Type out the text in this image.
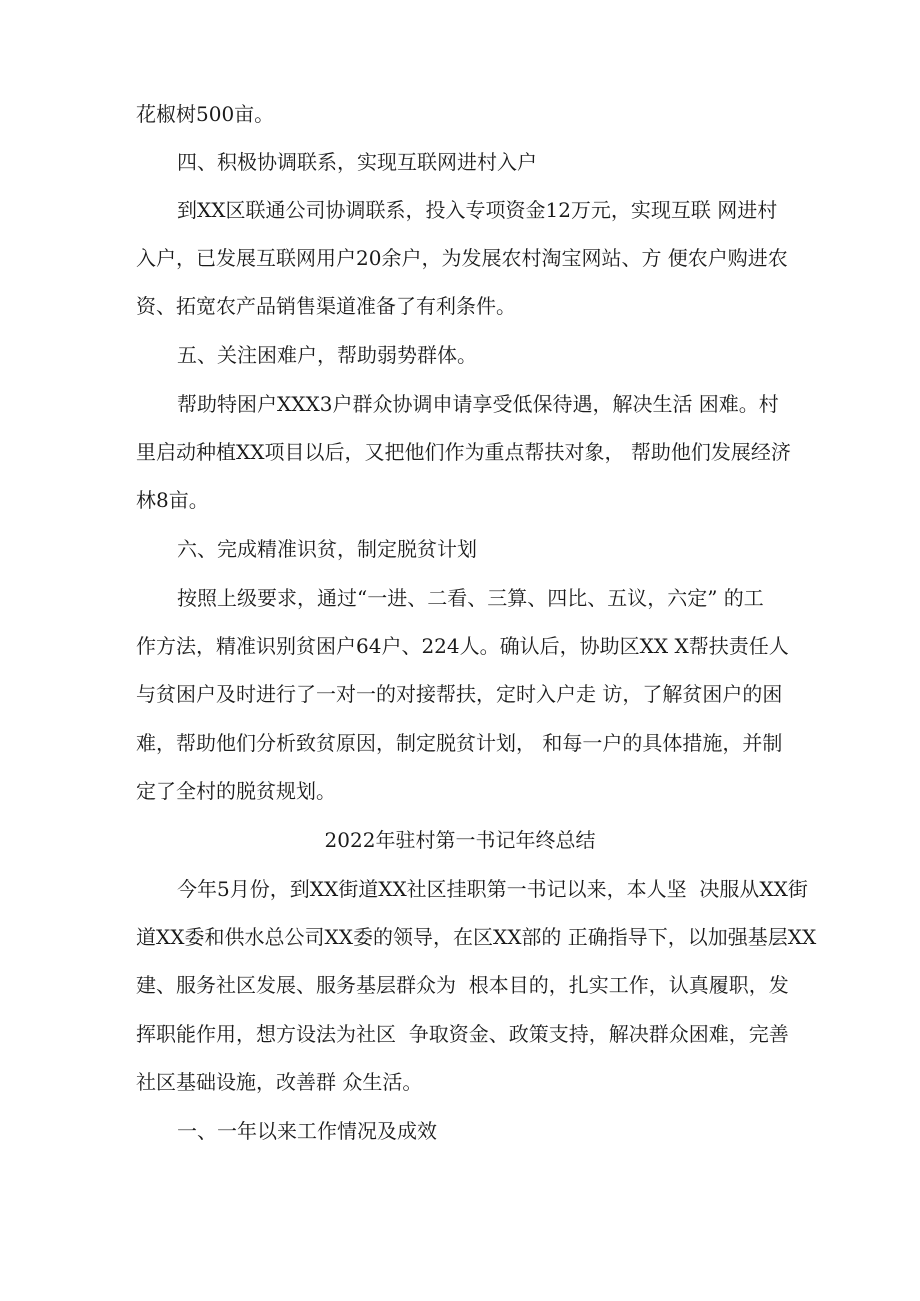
花椒树500亩。
四、积极协调联系，实现互联网进村入户
到XX区联通公司协调联系，投入专项资金12万元，实现互联 网进村
入户，已发展互联网用户20余户，为发展农村淘宝网站、方 便农户购进农
资、拓宽农产品销售渠道准备了有利条件。
五、关注困难户，帮助弱势群体。
帮助特困户XXX3户群众协调申请享受低保待遇，解决生活 困难。村
里启动种植XX项目以后，又把他们作为重点帮扶对象， 帮助他们发展经济
林8亩。
六、完成精准识贫，制定脱贫计划
按照上级要求，通过“一进、二看、三算、四比、五议，六定” 的工
作方法，精准识别贫困户64户、224人。确认后，协助区XX X帮扶责任人
与贫困户及时进行了一对一的对接帮扶，定时入户走 访，了解贫困户的困
难，帮助他们分析致贫原因，制定脱贫计划， 和每一户的具体措施，并制
定了全村的脱贫规划。
2022年驻村第一书记年终总结
今年5月份，到XX街道XX社区挂职第一书记以来，本人坚  决服从XX街
道XX委和供水总公司XX委的领导，在区XX部的 正确指导下，以加强基层XX
建、服务社区发展、服务基层群众为  根本目的，扎实工作，认真履职，发
挥职能作用，想方设法为社区  争取资金、政策支持，解决群众困难，完善
社区基础设施，改善群 众生活。
一、一年以来工作情况及成效
